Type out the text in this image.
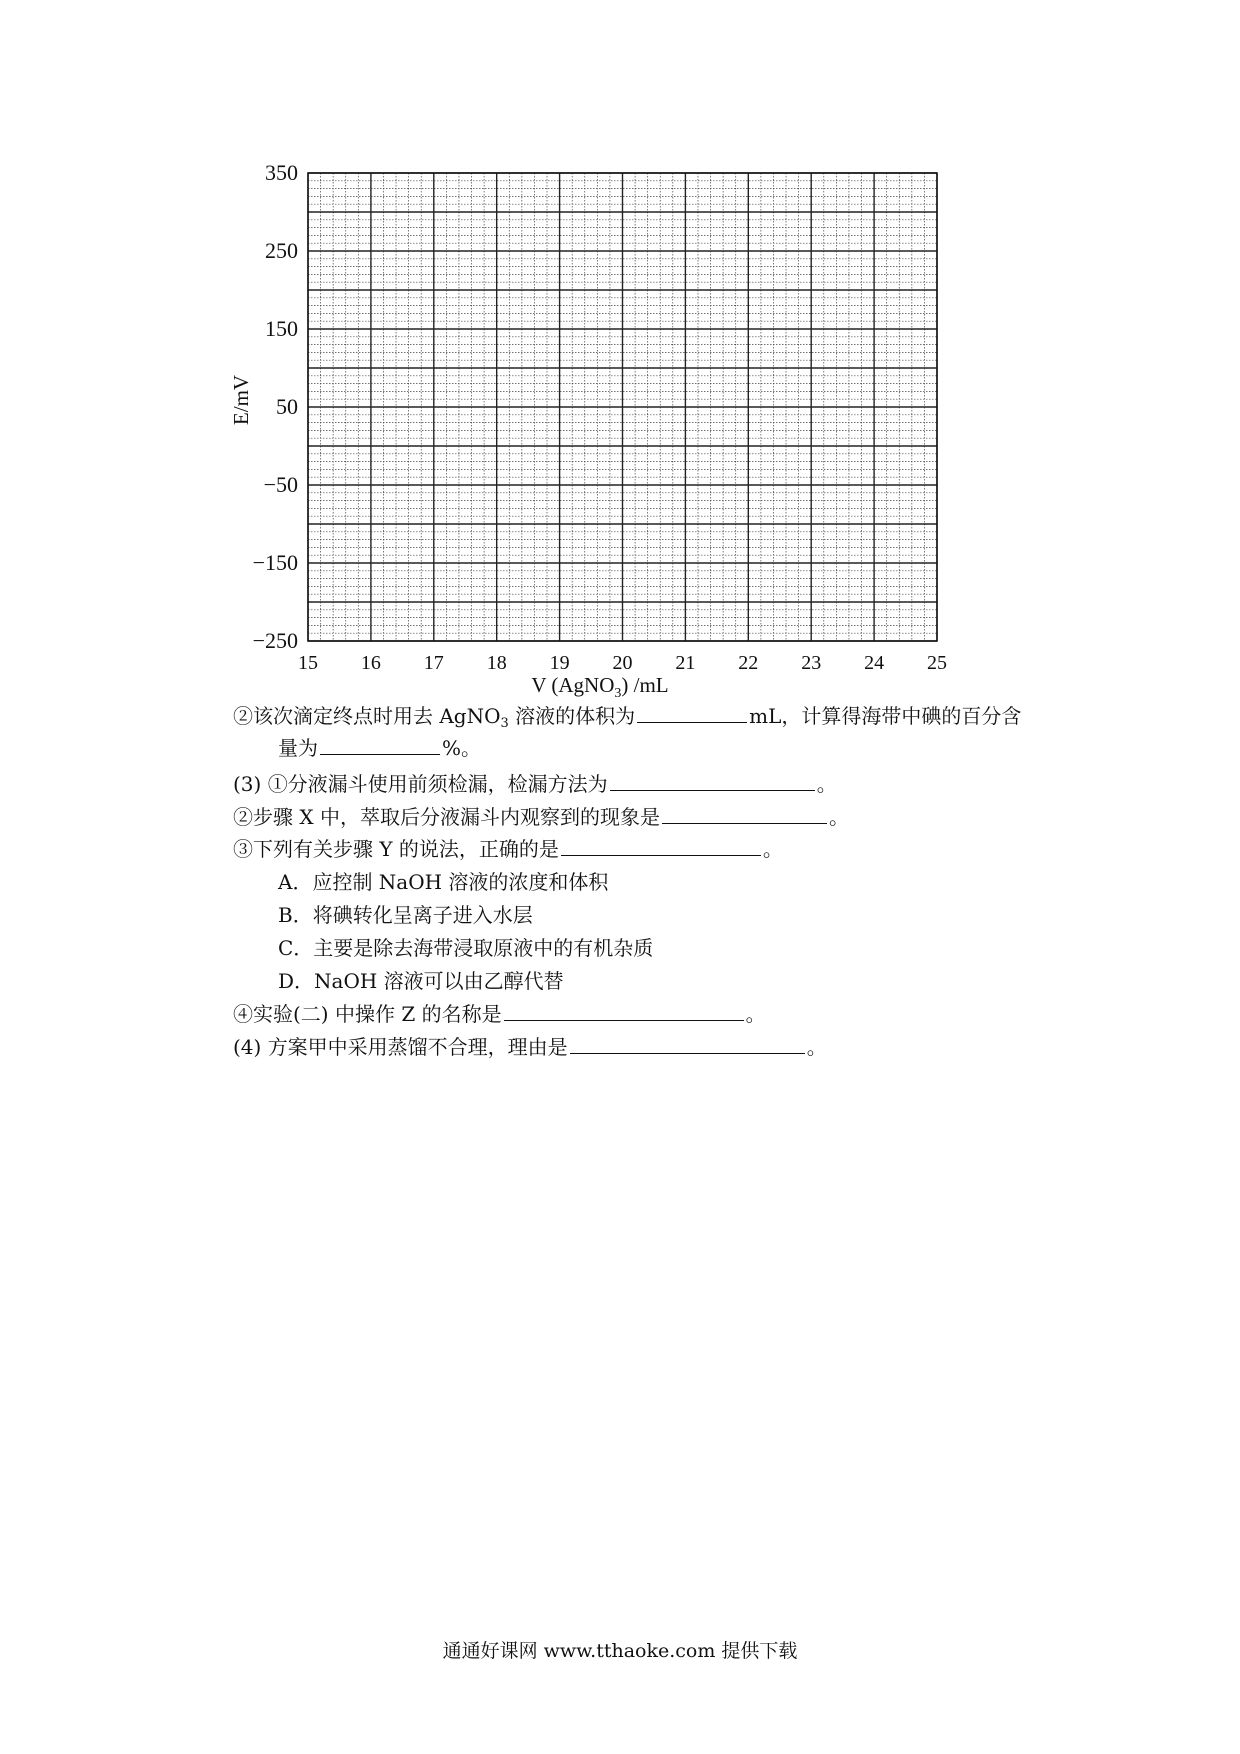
350
250
150
50
−50
−150
−250
15 16 17 18 19 20 21 22 23 24 25
E/mV
V (AgNO$_3$) /mL
②该次滴定终点时用去 AgNO$_3$ 溶液的体积为	mL，计算得海带中碘的百分含
量为	%。
(3) ①分液漏斗使用前须检漏，检漏方法为	。
②步骤 X 中，萃取后分液漏斗内观察到的现象是	。
③下列有关步骤 Y 的说法，正确的是	。
A．应控制 NaOH 溶液的浓度和体积
B．将碘转化呈离子进入水层
C．主要是除去海带浸取原液中的有机杂质
D．NaOH 溶液可以由乙醇代替
④实验(二) 中操作 Z 的名称是	。
(4) 方案甲中采用蒸馏不合理，理由是	。
通通好课网 www.tthaoke.com 提供下载
